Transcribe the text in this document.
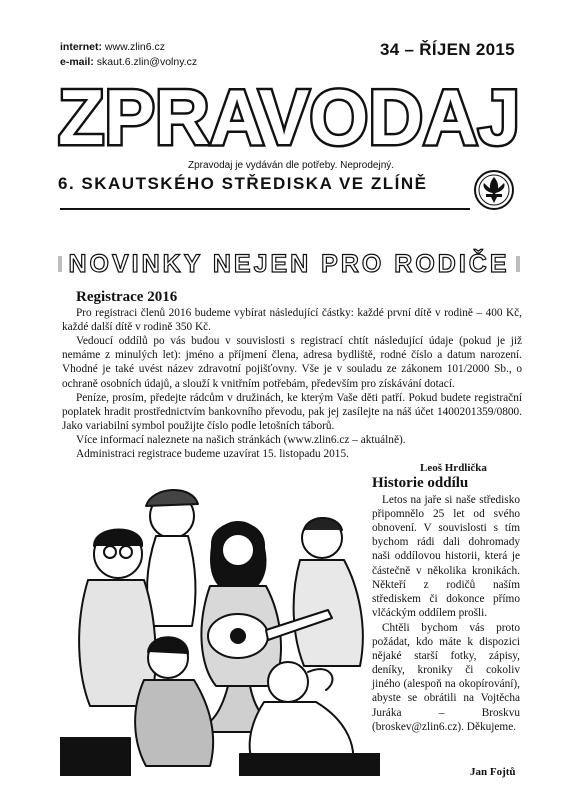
internet: www.zlin6.cz
e-mail: skaut.6.zlin@volny.cz
34 – ŘÍJEN 2015
ZPRAVODAJ
Zpravodaj je vydáván dle potřeby. Neprodejný.
6. SKAUTSKÉHO STŘEDISKA VE ZLÍNĚ
NOVINKY NEJEN PRO RODIČE
Registrace 2016

Pro registraci členů 2016 budeme vybírat následující částky: každé první dítě v rodině – 400 Kč, každé další dítě v rodině 350 Kč.

Vedoucí oddílů po vás budou v souvislosti s registrací chtít následující údaje (pokud je již nemáme z minulých let): jméno a příjmení člena, adresa bydliště, rodné číslo a datum narození. Vhodné je také uvést název zdravotní pojišťovny. Vše je v souladu ze zákonem 101/2000 Sb., o ochraně osobních údajů, a slouží k vnitřním potřebám, především pro získávání dotací.

Peníze, prosím, předejte rádcům v družinách, ke kterým Vaše děti patří. Pokud budete registrační poplatek hradit prostřednictvím bankovního převodu, pak jej zasílejte na náš účet 1400201359/0800. Jako variabilní symbol použijte číslo podle letošních táborů.

Více informací naleznete na našich stránkách (www.zlin6.cz – aktuálně).

Administraci registrace budeme uzavírat 15. listopadu 2015.

Leoš Hrdlička
Historie oddílu

Letos na jaře si naše středisko připomnělo 25 let od svého obnovení. V souvislosti s tím bychom rádi dali dohromady naši oddílovou historii, která je částečně v několika kronikách. Někteří z rodičů naším střediskem či dokonce přímo vlčáckým oddílem prošli.

Chtěli bychom vás proto požádat, kdo máte k dispozici nějaké starší fotky, zápisy, deníky, kroniky či cokoliv jiného (alespoň na okopírování), abyste se obrátili na Vojtěcha Juráka – Broskvu (broskev@zlin6.cz). Děkujeme.

Jan Fojtů
